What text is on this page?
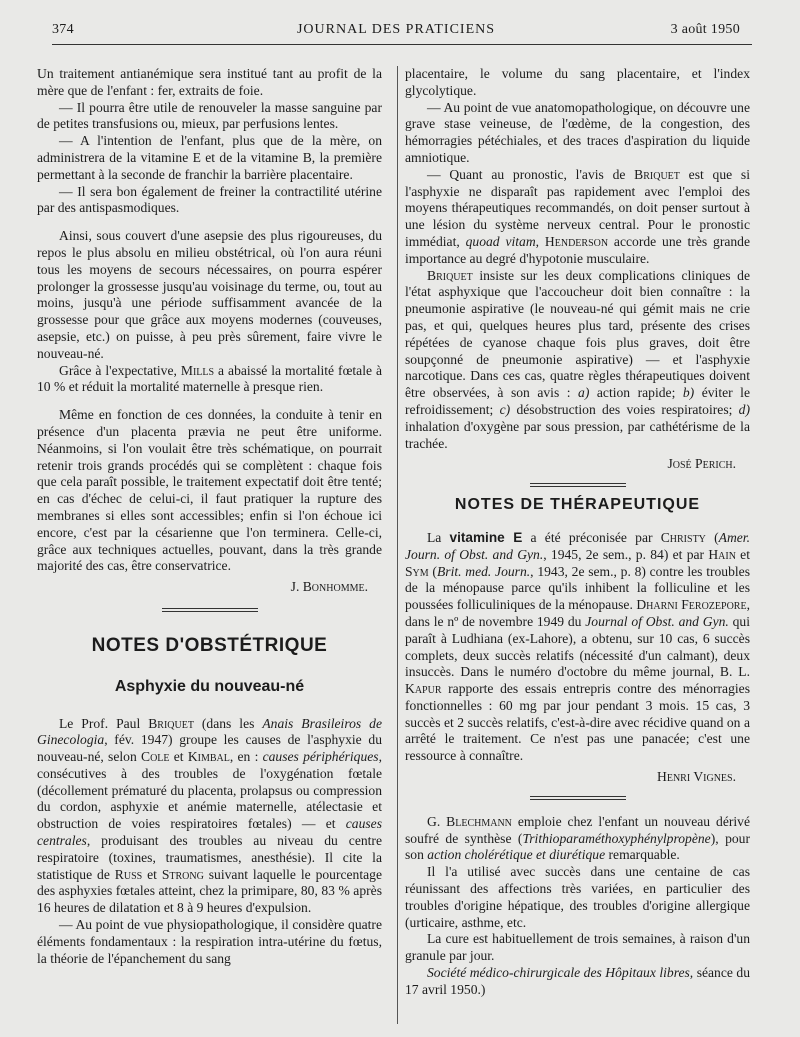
374	JOURNAL DES PRATICIENS	3 août 1950

Un traitement antianémique sera institué tant au profit de la mère que de l'enfant : fer, extraits de foie.

— Il pourra être utile de renouveler la masse sanguine par de petites transfusions ou, mieux, par perfusions lentes.

— A l'intention de l'enfant, plus que de la mère, on administrera de la vitamine E et de la vitamine B, la première permettant à la seconde de franchir la barrière placentaire.

— Il sera bon également de freiner la contractilité utérine par des antispasmodiques.

Ainsi, sous couvert d'une asepsie des plus rigoureuses, du repos le plus absolu en milieu obstétrical, où l'on aura réuni tous les moyens de secours nécessaires, on pourra espérer prolonger la grossesse jusqu'au voisinage du terme, ou, tout au moins, jusqu'à une période suffisamment avancée de la grossesse pour que grâce aux moyens modernes (couveuses, asepsie, etc.) on puisse, à peu près sûrement, faire vivre le nouveau-né.

Grâce à l'expectative, Mills a abaissé la mortalité fœtale à 10 % et réduit la mortalité maternelle à presque rien.

Même en fonction de ces données, la conduite à tenir en présence d'un placenta prævia ne peut être uniforme. Néanmoins, si l'on voulait être très schématique, on pourrait retenir trois grands procédés qui se complètent : chaque fois que cela paraît possible, le traitement expectatif doit être tenté; en cas d'échec de celui-ci, il faut pratiquer la rupture des membranes si elles sont accessibles; enfin si l'on échoue ici encore, c'est par la césarienne que l'on terminera. Celle-ci, grâce aux techniques actuelles, pouvant, dans la très grande majorité des cas, être conservatrice.

J. Bonhomme.
NOTES D'OBSTÉTRIQUE
Asphyxie du nouveau-né

Le Prof. Paul Briquet (dans les Anais Brasileiros de Ginecologia, fév. 1947) groupe les causes de l'asphyxie du nouveau-né, selon Cole et Kimbal, en : causes périphériques, consécutives à des troubles de l'oxygénation fœtale (décollement prématuré du placenta, prolapsus ou compression du cordon, asphyxie et anémie maternelle, atélectasie et obstruction de voies respiratoires fœtales) — et causes centrales, produisant des troubles au niveau du centre respiratoire (toxines, traumatismes, anesthésie). Il cite la statistique de Russ et Strong suivant laquelle le pourcentage des asphyxies fœtales atteint, chez la primipare, 80, 83 % après 16 heures de dilatation et 8 à 9 heures d'expulsion.

— Au point de vue physiopathologique, il considère quatre éléments fondamentaux : la respiration intra-utérine du fœtus, la théorie de l'épanchement du sang

placentaire, le volume du sang placentaire, et l'index glycolytique.

— Au point de vue anatomopathologique, on découvre une grave stase veineuse, de l'œdème, de la congestion, des hémorragies pétéchiales, et des traces d'aspiration du liquide amniotique.

— Quant au pronostic, l'avis de Briquet est que si l'asphyxie ne disparaît pas rapidement avec l'emploi des moyens thérapeutiques recommandés, on doit penser surtout à une lésion du système nerveux central. Pour le pronostic immédiat, quoad vitam, Henderson accorde une très grande importance au degré d'hypotonie musculaire.

Briquet insiste sur les deux complications cliniques de l'état asphyxique que l'accoucheur doit bien connaître : la pneumonie aspirative (le nouveau-né qui gémit mais ne crie pas, et qui, quelques heures plus tard, présente des crises répétées de cyanose chaque fois plus graves, doit être soupçonné de pneumonie aspirative) — et l'asphyxie narcotique. Dans ces cas, quatre règles thérapeutiques doivent être observées, à son avis : a) action rapide; b) éviter le refroidissement; c) désobstruction des voies respiratoires; d) inhalation d'oxygène par sous pression, par cathétérisme de la trachée.

José Perich.
NOTES DE THÉRAPEUTIQUE

La vitamine E a été préconisée par Christy (Amer. Journ. of Obst. and Gyn., 1945, 2e sem., p. 84) et par Hain et Sym (Brit. med. Journ., 1943, 2e sem., p. 8) contre les troubles de la ménopause parce qu'ils inhibent la folliculine et les poussées folliculiniques de la ménopause. Dharni Ferozepore, dans le nº de novembre 1949 du Journal of Obst. and Gyn. qui paraît à Ludhiana (ex-Lahore), a obtenu, sur 10 cas, 6 succès complets, deux succès relatifs (nécessité d'un calmant), deux insuccès. Dans le numéro d'octobre du même journal, B. L. Kapur rapporte des essais entrepris contre des ménorragies fonctionnelles : 60 mg par jour pendant 3 mois. 15 cas, 3 succès et 2 succès relatifs, c'est-à-dire avec récidive quand on a arrêté le traitement. Ce n'est pas une panacée; c'est une ressource à connaître.

Henri Vignes.

G. Blechmann emploie chez l'enfant un nouveau dérivé soufré de synthèse (Trithioparaméthoxyphénylpropène), pour son action cholérétique et diurétique remarquable.

Il l'a utilisé avec succès dans une centaine de cas réunissant des affections très variées, en particulier des troubles d'origine hépatique, des troubles d'origine allergique (urticaire, asthme, etc.

La cure est habituellement de trois semaines, à raison d'un granule par jour.

Société médico-chirurgicale des Hôpitaux libres, séance du 17 avril 1950.)
